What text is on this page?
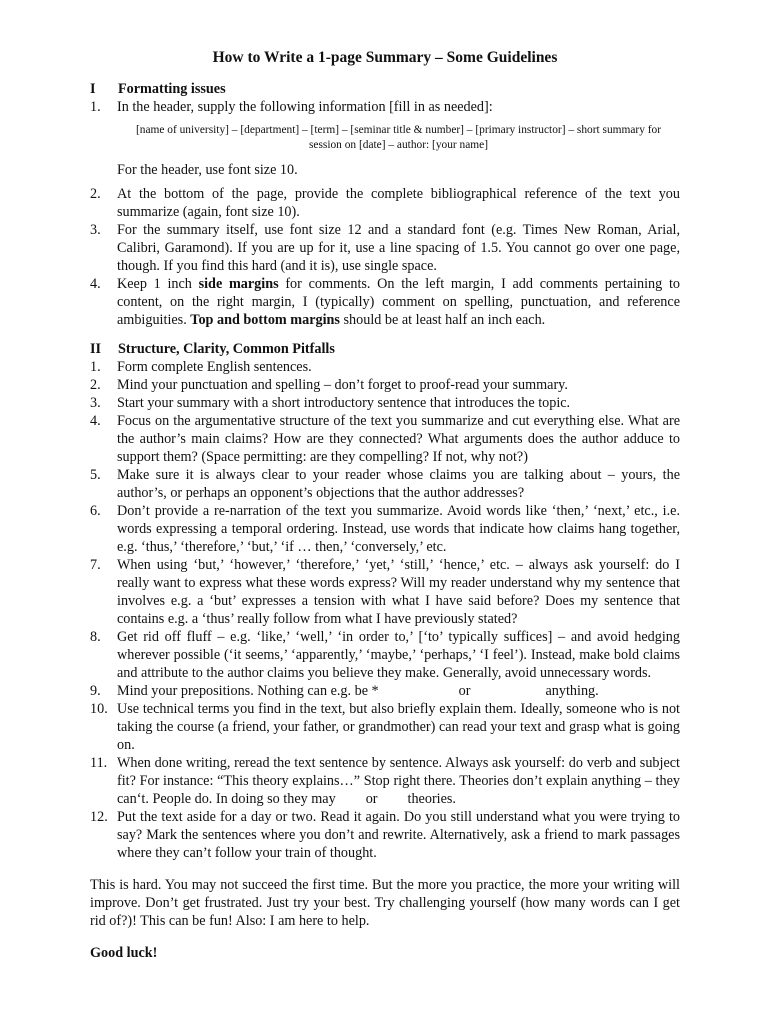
How to Write a 1-page Summary – Some Guidelines
I	Formatting issues
1.	In the header, supply the following information [fill in as needed]:
[name of university] – [department] – [term] – [seminar title & number] – [primary instructor] – short summary for session on [date] – author: [your name]
For the header, use font size 10.
2.	At the bottom of the page, provide the complete bibliographical reference of the text you summarize (again, font size 10).
3.	For the summary itself, use font size 12 and a standard font (e.g. Times New Roman, Arial, Calibri, Garamond). If you are up for it, use a line spacing of 1.5. You cannot go over one page, though. If you find this hard (and it is), use single space.
4.	Keep 1 inch side margins for comments. On the left margin, I add comments pertaining to content, on the right margin, I (typically) comment on spelling, punctuation, and reference ambiguities. Top and bottom margins should be at least half an inch each.
II	Structure, Clarity, Common Pitfalls
1.	Form complete English sentences.
2.	Mind your punctuation and spelling – don’t forget to proof-read your summary.
3.	Start your summary with a short introductory sentence that introduces the topic.
4.	Focus on the argumentative structure of the text you summarize and cut everything else. What are the author’s main claims? How are they connected? What arguments does the author adduce to support them? (Space permitting: are they compelling? If not, why not?)
5.	Make sure it is always clear to your reader whose claims you are talking about – yours, the author’s, or perhaps an opponent’s objections that the author addresses?
6.	Don’t provide a re-narration of the text you summarize. Avoid words like ‘then,’ ‘next,’ etc., i.e. words expressing a temporal ordering. Instead, use words that indicate how claims hang together, e.g. ‘thus,’ ‘therefore,’ ‘but,’ ‘if … then,’ ‘conversely,’ etc.
7.	When using ‘but,’ ‘however,’ ‘therefore,’ ‘yet,’ ‘still,’ ‘hence,’ etc. – always ask yourself: do I really want to express what these words express? Will my reader understand why my sentence that involves e.g. a ‘but’ expresses a tension with what I have said before? Does my sentence that contains e.g. a ‘thus’ really follow from what I have previously stated?
8.	Get rid off fluff – e.g. ‘like,’ ‘well,’ ‘in order to,’ [‘to’ typically suffices] – and avoid hedging wherever possible (‘it seems,’ ‘apparently,’ ‘maybe,’ ‘perhaps,’ ‘I feel’). Instead, make bold claims and attribute to the author claims you believe they make. Generally, avoid unnecessary words.
9.	Mind your prepositions. Nothing can e.g. be *	or	anything.
10. Use technical terms you find in the text, but also briefly explain them. Ideally, someone who is not taking the course (a friend, your father, or grandmother) can read your text and grasp what is going on.
11. When done writing, reread the text sentence by sentence. Always ask yourself: do verb and subject fit? For instance: “This theory explains…” Stop right there. Theories don’t explain anything – they can‘t. People do. In doing so they may or theories.
12. Put the text aside for a day or two. Read it again. Do you still understand what you were trying to say? Mark the sentences where you don’t and rewrite. Alternatively, ask a friend to mark passages where they can’t follow your train of thought.

This is hard. You may not succeed the first time. But the more you practice, the more your writing will improve. Don’t get frustrated. Just try your best. Try challenging yourself (how many words can I get rid of?)! This can be fun! Also: I am here to help.

Good luck!
